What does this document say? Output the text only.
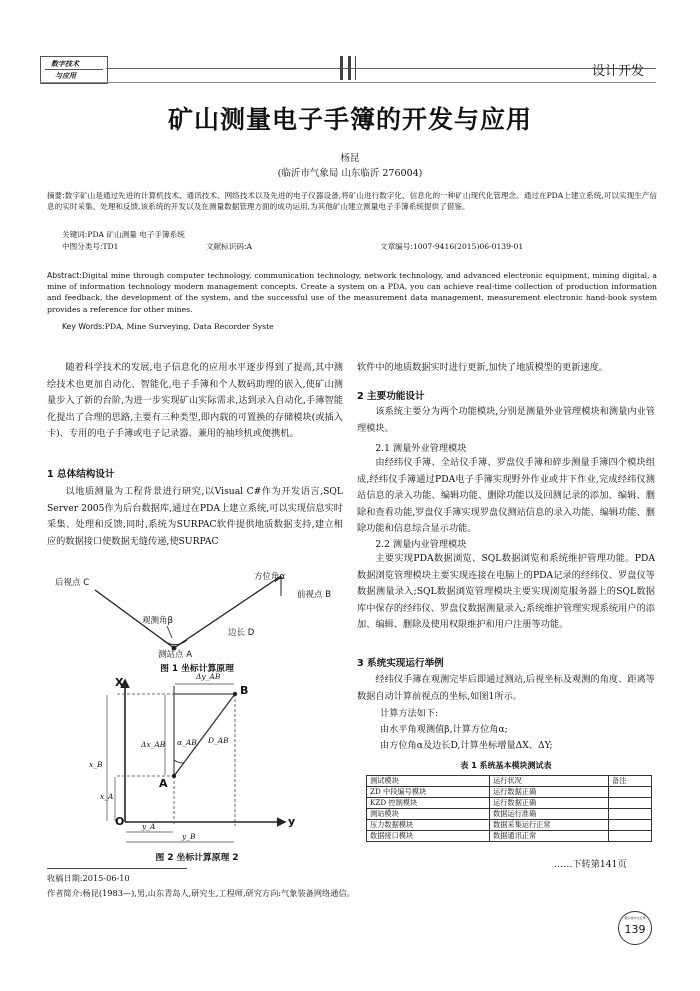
数字技术
与应用	设计开发
矿山测量电子手簿的开发与应用
杨昆
(临沂市气象局 山东临沂 276004)
摘要:数字矿山是通过先进的计算机技术、通讯技术、网络技术以及先进的电子仪器设备,将矿山进行数字化、信息化的一种矿山现代化管理念。通过在PDA上建立系统,可以实现生产信息的实时采集、处理和反馈,该系统的开发以及在测量数据管理方面的成功运用,为其他矿山建立测量电子手簿系统提供了借鉴。
关键词:PDA 矿山测量 电子手簿系统
中图分类号:TD1	文献标识码:A	文章编号:1007-9416(2015)06-0139-01
Abstract:Digital mine through computer technology, communication technology, network technology, and advanced electronic equipment, mining digital, a mine of information technology modern management concepts. Create a system on a PDA, you can achieve real-time collection of production information and feedback, the development of the system, and the successful use of the measurement data management, measurement electronic hand-book system provides a reference for other mines.
Key Words:PDA, Mine Surveying, Data Recorder Syste
随着科学技术的发展,电子信息化的应用水平逐步得到了提高,其中测绘技术也更加自动化、智能化,电子手簿和个人数码助理的嵌入,使矿山测量步入了新的台阶,为进一步实现矿山实际需求,达到录入自动化,手簿智能化提出了合理的思路,主要有三种类型,即内载的可置换的存储模块(或插入卡)、专用的电子手簿或电子记录器、兼用的袖珍机或便携机。
1 总体结构设计
以地质测量为工程背景进行研究,以Visual C#作为开发语言,SQL Server 2005作为后台数据库,通过在PDA上建立系统,可以实现信息实时采集、处理和反馈,同时,系统为SURPAC软件提供地质数据支持,建立相应的数据接口使数据无缝传递,使SURPAC
后视点 C
方位角α
前视点 B
观测角β
边长 D
测站点 A
图 1 坐标计算原理
X
y
O
A
B
Δy_AB
Δx_AB α_AB D_AB
x_B
x_A
y_A
y_B
图 2 坐标计算原理 2
软件中的地质数据实时进行更新,加快了地质模型的更新速度。
2 主要功能设计
该系统主要分为两个功能模块,分别是测量外业管理模块和测量内业管理模块。
2.1 测量外业管理模块
由经纬仪手簿、全站仪手簿、罗盘仪手簿和碎步测量手簿四个模块组成,经纬仪手簿通过PDA电子手簿实现野外作业或井下作业,完成经纬仪测站信息的录入功能、编辑功能、删除功能以及回测记录的添加、编辑、删除和查看功能,罗盘仪手簿实现罗盘仪测站信息的录入功能、编辑功能、删除功能和信息综合显示功能。
2.2 测量内业管理模块
主要实现PDA数据浏览、SQL数据浏览和系统维护管理功能。PDA数据浏览管理模块主要实现连接在电脑上的PDA记录的经纬仪、罗盘仪等数据测量录入;SQL数据浏览管理模块主要实现浏览服务器上的SQL数据库中保存的经纬仪、罗盘仪数据测量录入;系统维护管理实现系统用户的添加、编辑、删除及使用权限维护和用户注册等功能。
3 系统实现运行举例
经纬仪手簿在观测完毕后即通过测站,后视坐标及观测的角度、距离等数据自动计算前视点的坐标,如图1所示。
计算方法如下:
由水平角观测值β,计算方位角α;
由方位角α及边长D,计算坐标增量ΔX、ΔY;
表 1 系统基本模块测试表
测试模块	运行状况	备注
ZD 中段编号模块	运行数据正确	
KZD 控制模块	运行数据正确	
测站模块	数据运行准确	
压力数据模块	数据采集运行正常	
数据接口模块	数据通讯正常	
……下转第141页
收稿日期:2015-06-10
作者简介:杨昆(1983—),男,山东青岛人,研究生,工程师,研究方向:气象装备网络通信。
数字技术与应用
139
